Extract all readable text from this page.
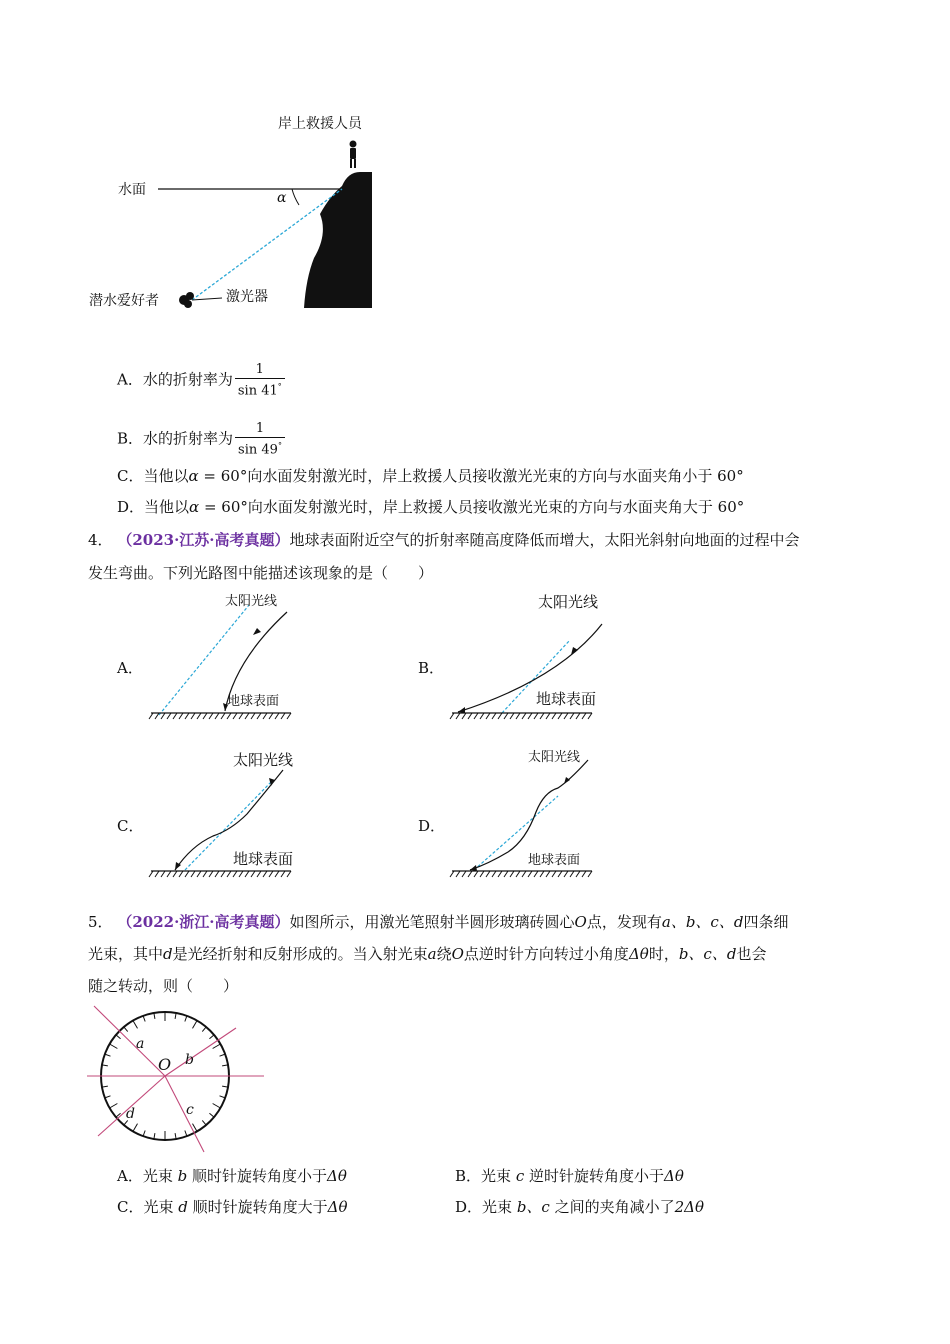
岸上救援人员
水面	α
潜水爱好者	激光器
A．水的折射率为 $\frac{1}{\sin 41^\circ}$
B．水的折射率为 $\frac{1}{\sin 49^\circ}$
C．当他以α = 60°向水面发射激光时，岸上救援人员接收激光光束的方向与水面夹角小于 60°
D．当他以α = 60°向水面发射激光时，岸上救援人员接收激光光束的方向与水面夹角大于 60°
4． （2023·江苏·高考真题）地球表面附近空气的折射率随高度降低而增大，太阳光斜射向地面的过程中会
发生弯曲。下列光路图中能描述该现象的是（　　）
A．
太阳光线
地球表面
B．
太阳光线
地球表面
C．
太阳光线
地球表面
D．
太阳光线
地球表面
5． （2022·浙江·高考真题）如图所示，用激光笔照射半圆形玻璃砖圆心O点，发现有a、b、c、d四条细
光束，其中d是光经折射和反射形成的。当入射光束a绕O点逆时针方向转过小角度Δθ时，b、c、d也会
随之转动，则（　　）
a
b
c
d
O
A．光束 b 顺时针旋转角度小于Δθ	B．光束 c 逆时针旋转角度小于Δθ
C．光束 d 顺时针旋转角度大于Δθ	D．光束 b、c 之间的夹角减小了2Δθ
